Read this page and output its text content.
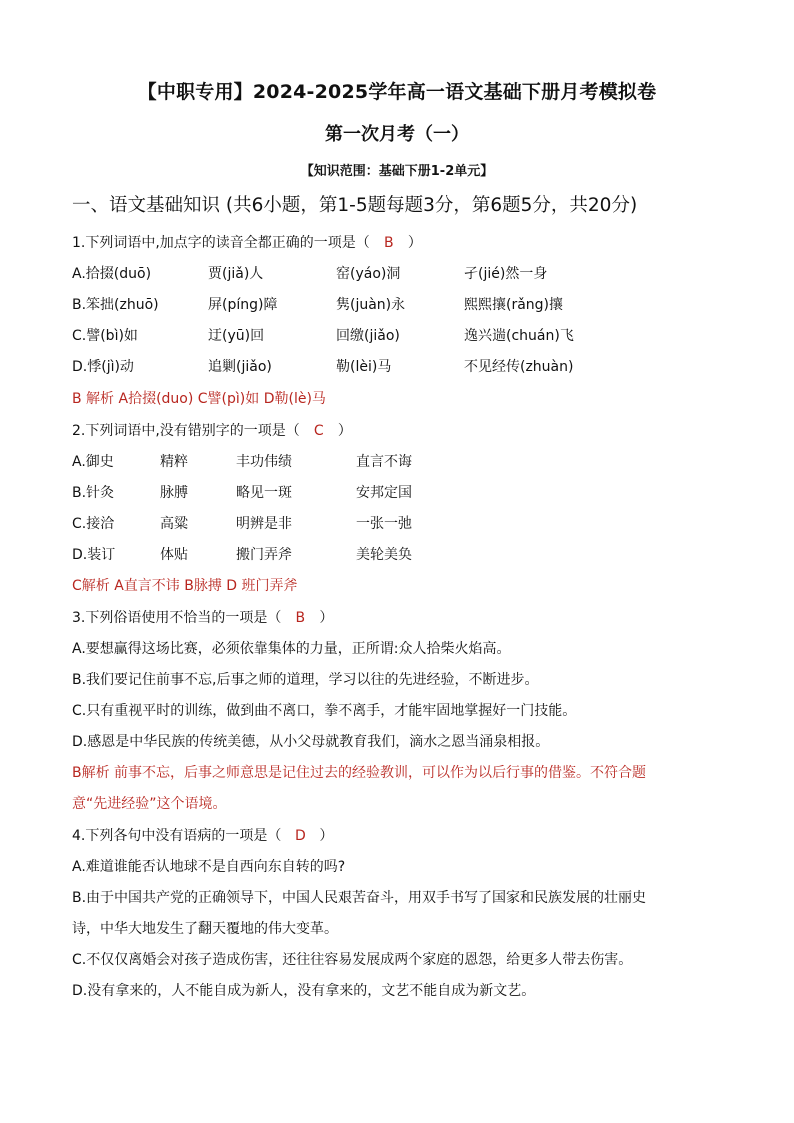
【中职专用】2024-2025学年高一语文基础下册月考模拟卷
第一次月考（一）
【知识范围：基础下册1-2单元】
一、语文基础知识 (共6小题，第1-5题每题3分，第6题5分，共20分)
1.下列词语中,加点字的读音全都正确的一项是（ B ）
A.拾掇(duō)	贾(jiǎ)人	窑(yáo)洞	孑(jié)然一身
B.笨拙(zhuō)	屏(píng)障	隽(juàn)永	熙熙攘(rǎng)攘
C.譬(bì)如	迂(yū)回	回缴(jiǎo)	逸兴遄(chuán)飞
D.悸(jì)动	追剿(jiǎo)	勒(lèi)马	不见经传(zhuàn)
B 解析 A拾掇(duo) C譬(pì)如 D勒(lè)马
2.下列词语中,没有错别字的一项是（ C ）
A.御史	精粹	丰功伟绩	直言不诲
B.针灸	脉膊	略见一斑	安邦定国
C.接洽	高粱	明辨是非	一张一弛
D.装订	体贴	搬门弄斧	美轮美奂
C解析 A直言不讳 B脉搏 D 班门弄斧
3.下列俗语使用不恰当的一项是（ B ）
A.要想赢得这场比赛，必须依靠集体的力量，正所谓:众人拾柴火焰高。
B.我们要记住前事不忘,后事之师的道理，学习以往的先进经验，不断进步。
C.只有重视平时的训练，做到曲不离口，拳不离手，才能牢固地掌握好一门技能。
D.感恩是中华民族的传统美德，从小父母就教育我们，滴水之恩当涌泉相报。
B解析 前事不忘，后事之师意思是记住过去的经验教训，可以作为以后行事的借鉴。不符合题
意“先进经验”这个语境。
4.下列各句中没有语病的一项是（ D ）
A.难道谁能否认地球不是自西向东自转的吗?
B.由于中国共产党的正确领导下，中国人民艰苦奋斗，用双手书写了国家和民族发展的壮丽史
诗，中华大地发生了翻天覆地的伟大变革。
C.不仅仅离婚会对孩子造成伤害，还往往容易发展成两个家庭的恩怨，给更多人带去伤害。
D.没有拿来的，人不能自成为新人，没有拿来的，文艺不能自成为新文艺。
